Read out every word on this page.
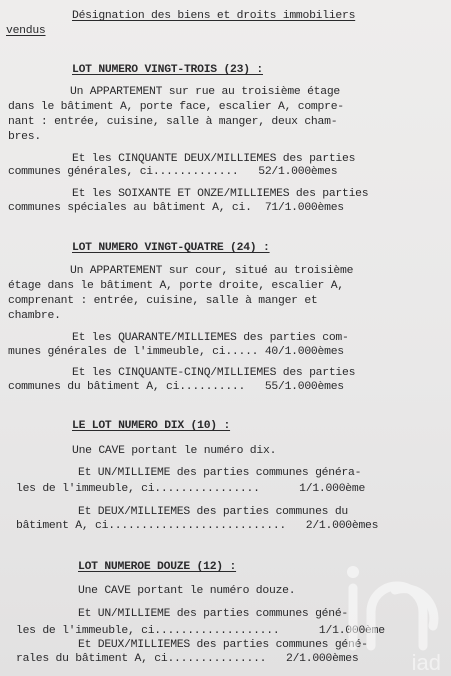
Désignation des biens et droits immobiliers
vendus
LOT NUMERO VINGT-TROIS (23) :
Un APPARTEMENT sur rue au troisième étage
dans le bâtiment A, porte face, escalier A, compre-
nant : entrée, cuisine, salle à manger, deux cham-
bres.
Et les CINQUANTE DEUX/MILLIEMES des parties
communes générales, ci.............   52/1.000èmes
Et les SOIXANTE ET ONZE/MILLIEMES des parties
communes spéciales au bâtiment A, ci.  71/1.000èmes
LOT NUMERO VINGT-QUATRE (24) :
Un APPARTEMENT sur cour, situé au troisième
étage dans le bâtiment A, porte droite, escalier A,
comprenant : entrée, cuisine, salle à manger et
chambre.
Et les QUARANTE/MILLIEMES des parties com-
munes générales de l'immeuble, ci..... 40/1.000èmes
Et les CINQUANTE-CINQ/MILLIEMES des parties
communes du bâtiment A, ci..........   55/1.000èmes
LE LOT NUMERO DIX (10) :
Une CAVE portant le numéro dix.
Et UN/MILLIEME des parties communes généra-
les de l'immeuble, ci................      1/1.000ème
Et DEUX/MILLIEMES des parties communes du
bâtiment A, ci...........................   2/1.000èmes
LOT NUMEROE DOUZE (12) :
Une CAVE portant le numéro douze.
Et UN/MILLIEME des parties communes géné-
les de l'immeuble, ci...................      1/1.000ème
Et DEUX/MILLIEMES des parties communes géné-
rales du bâtiment A, ci...............   2/1.000èmes iad
